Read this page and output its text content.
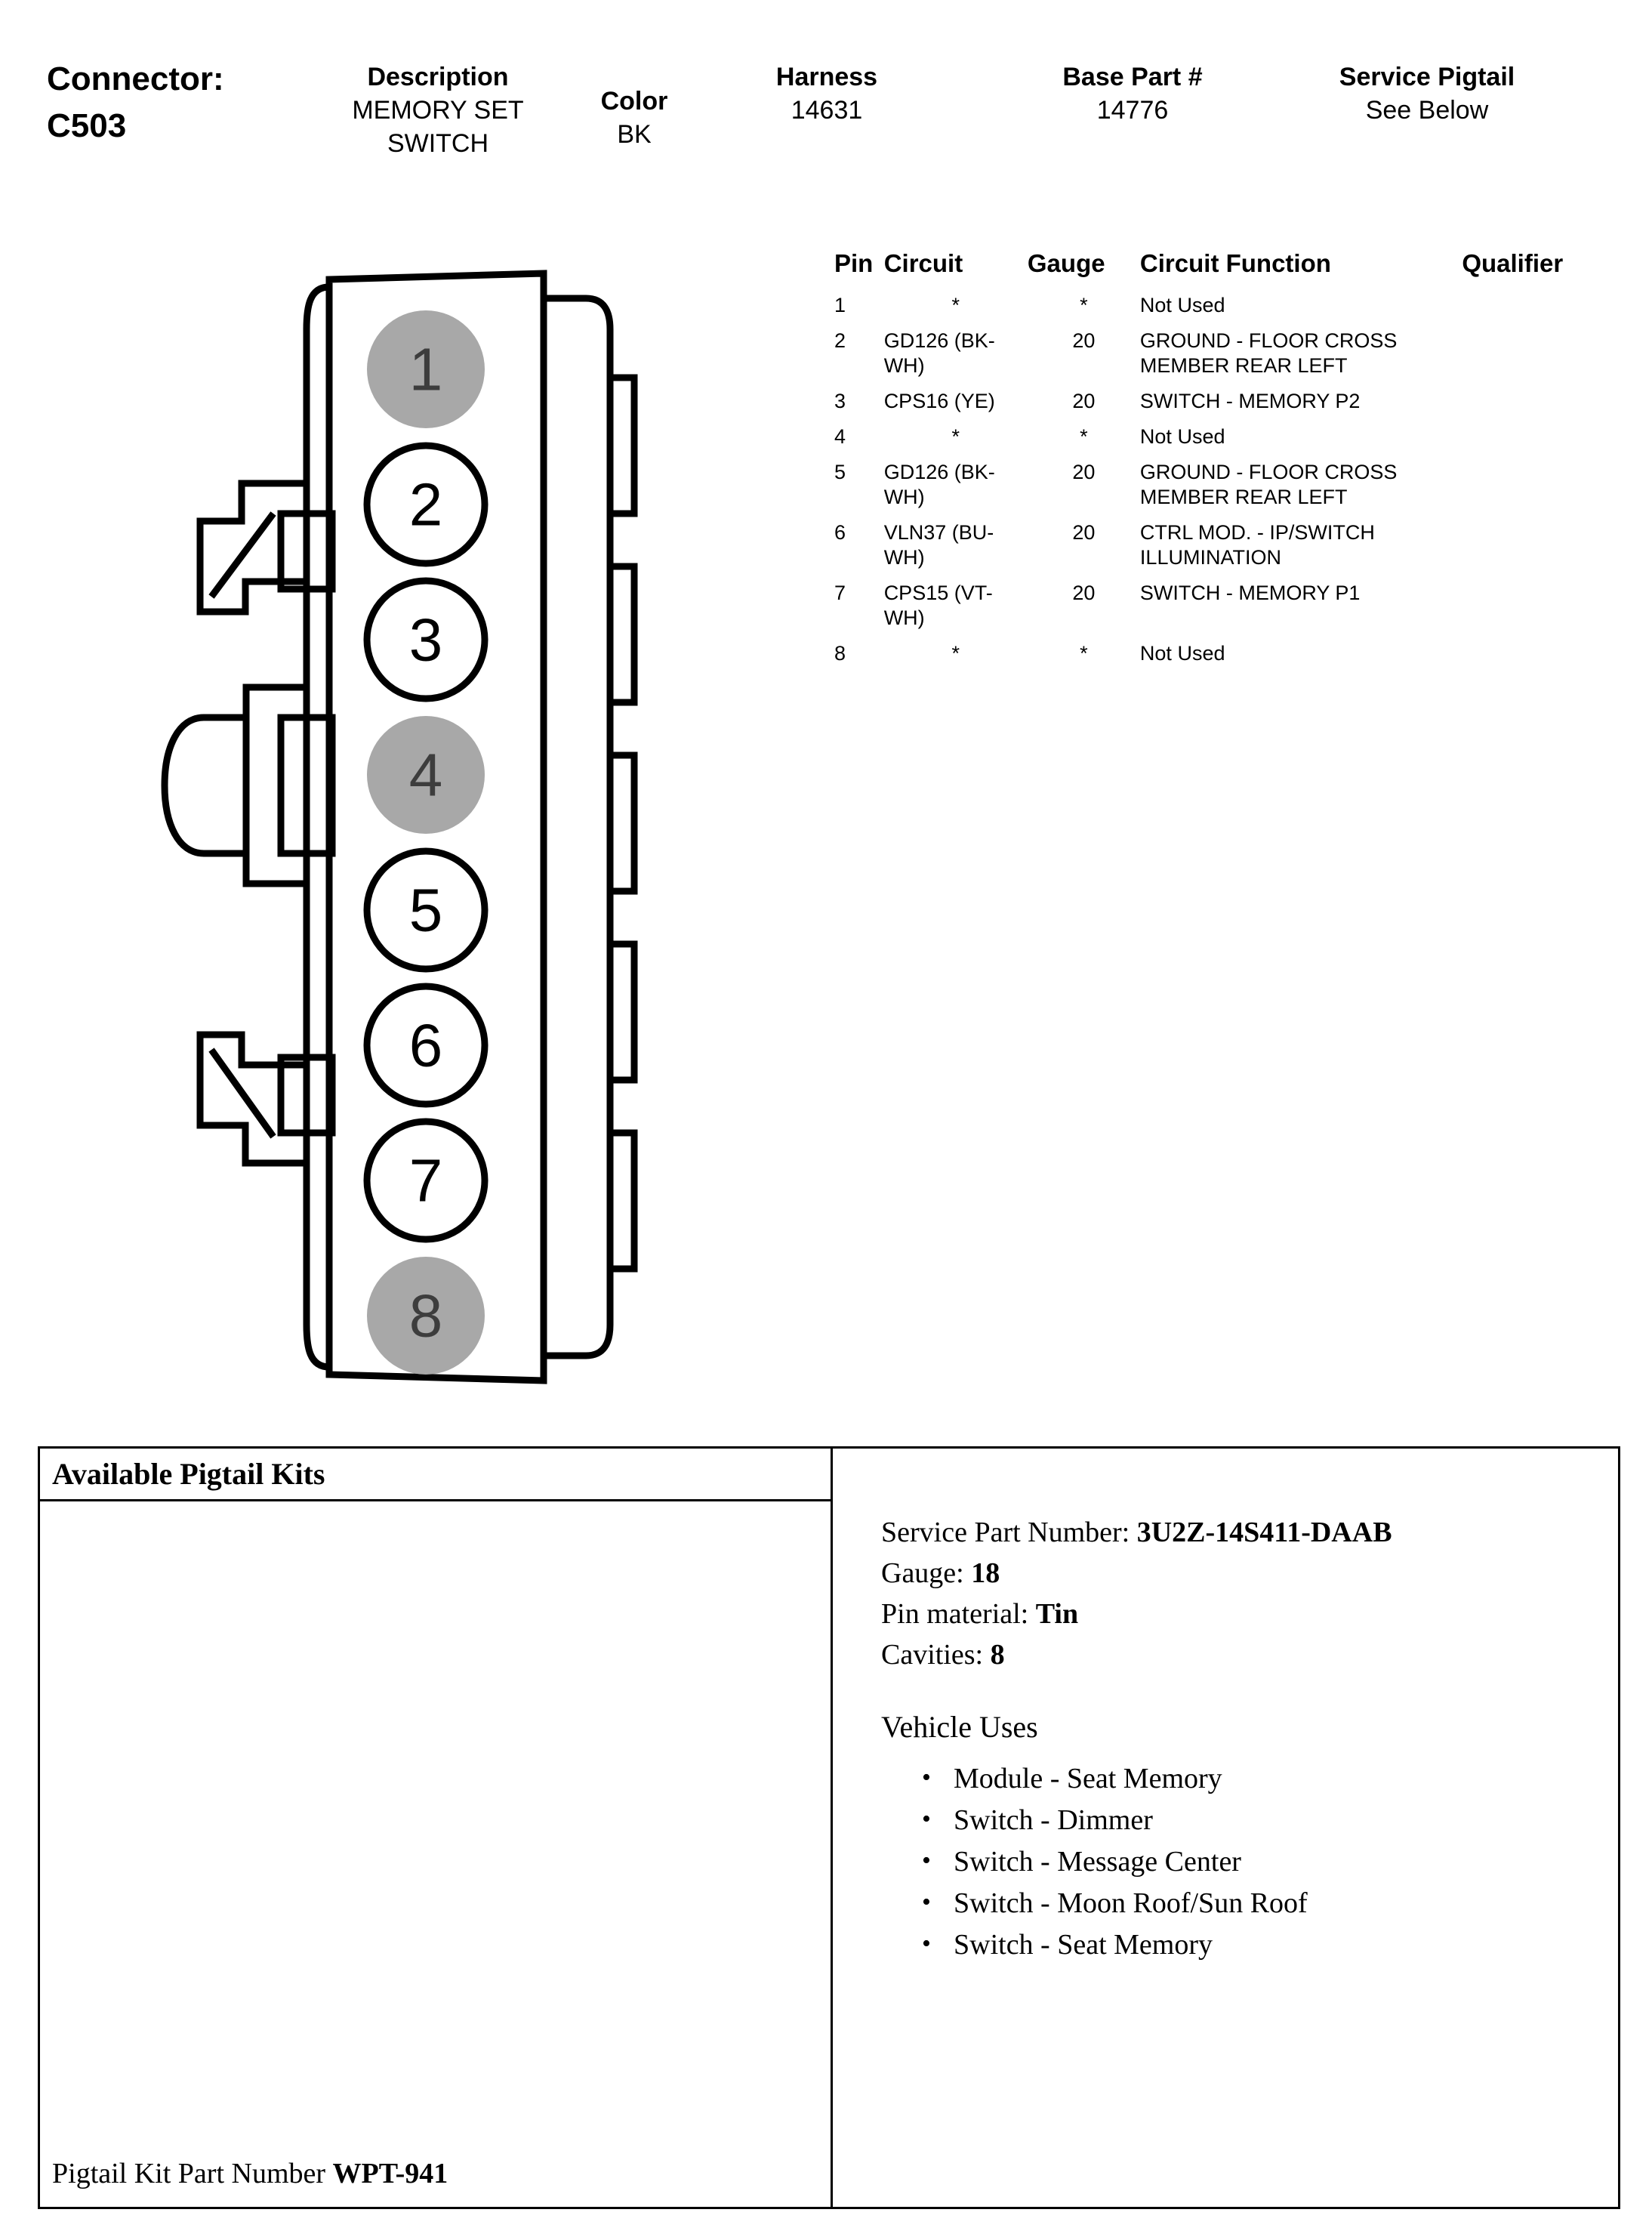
Connector:
C503
Description
MEMORY SET SWITCH
Color
BK
Harness
14631
Base Part #
14776
Service Pigtail
See Below
1
2
3
4
5
6
7
8
Pin	Circuit	Gauge	Circuit Function	Qualifier
1	*	*	Not Used	
2	GD126 (BK-WH)	20	GROUND - FLOOR CROSS MEMBER REAR LEFT	
3	CPS16 (YE)	20	SWITCH - MEMORY P2	
4	*	*	Not Used	
5	GD126 (BK-WH)	20	GROUND - FLOOR CROSS MEMBER REAR LEFT	
6	VLN37 (BU-WH)	20	CTRL MOD. - IP/SWITCH ILLUMINATION	
7	CPS15 (VT-WH)	20	SWITCH - MEMORY P1	
8	*	*	Not Used	
Available Pigtail Kits
Pigtail Kit Part Number WPT-941
Service Part Number: 3U2Z-14S411-DAAB
Gauge: 18
Pin material: Tin
Cavities: 8
Vehicle Uses
• Module - Seat Memory
• Switch - Dimmer
• Switch - Message Center
• Switch - Moon Roof/Sun Roof
• Switch - Seat Memory
